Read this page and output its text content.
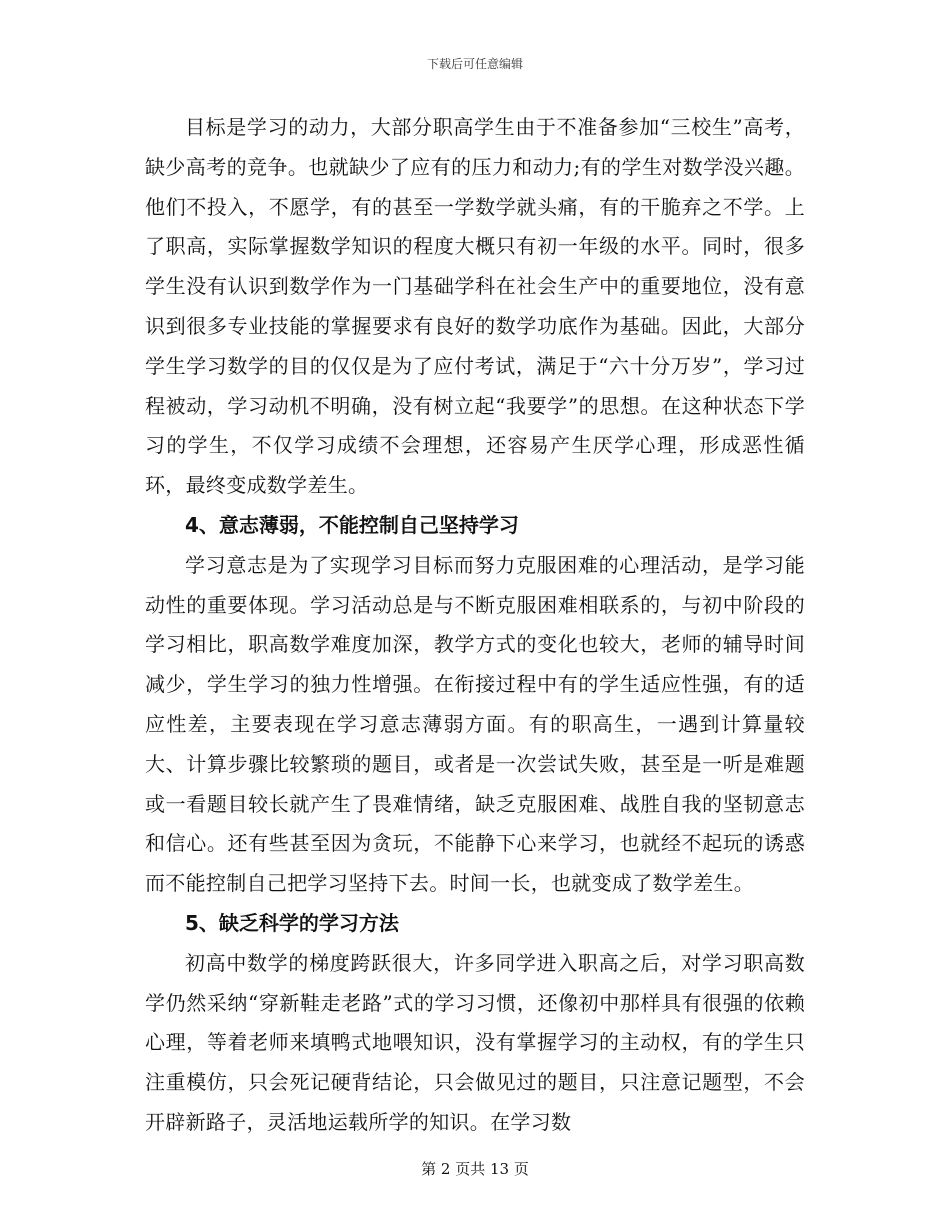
下载后可任意编辑

目标是学习的动力，大部分职高学生由于不准备参加“三校生”高考，缺少高考的竞争。也就缺少了应有的压力和动力;有的学生对数学没兴趣。他们不投入，不愿学，有的甚至一学数学就头痛，有的干脆弃之不学。上了职高，实际掌握数学知识的程度大概只有初一年级的水平。同时，很多学生没有认识到数学作为一门基础学科在社会生产中的重要地位，没有意识到很多专业技能的掌握要求有良好的数学功底作为基础。因此，大部分学生学习数学的目的仅仅是为了应付考试，满足于“六十分万岁”，学习过程被动，学习动机不明确，没有树立起“我要学”的思想。在这种状态下学习的学生，不仅学习成绩不会理想，还容易产生厌学心理，形成恶性循环，最终变成数学差生。

4、意志薄弱，不能控制自己坚持学习

学习意志是为了实现学习目标而努力克服困难的心理活动，是学习能动性的重要体现。学习活动总是与不断克服困难相联系的，与初中阶段的学习相比，职高数学难度加深，教学方式的变化也较大，老师的辅导时间减少，学生学习的独力性增强。在衔接过程中有的学生适应性强，有的适应性差，主要表现在学习意志薄弱方面。有的职高生，一遇到计算量较大、计算步骤比较繁琐的题目，或者是一次尝试失败，甚至是一听是难题或一看题目较长就产生了畏难情绪，缺乏克服困难、战胜自我的坚韧意志和信心。还有些甚至因为贪玩，不能静下心来学习，也就经不起玩的诱惑而不能控制自己把学习坚持下去。时间一长，也就变成了数学差生。

5、缺乏科学的学习方法

初高中数学的梯度跨跃很大，许多同学进入职高之后，对学习职高数学仍然采纳“穿新鞋走老路”式的学习习惯，还像初中那样具有很强的依赖心理，等着老师来填鸭式地喂知识，没有掌握学习的主动权，有的学生只注重模仿，只会死记硬背结论，只会做见过的题目，只注意记题型，不会开辟新路子，灵活地运载所学的知识。在学习数

第 2 页共 13 页
